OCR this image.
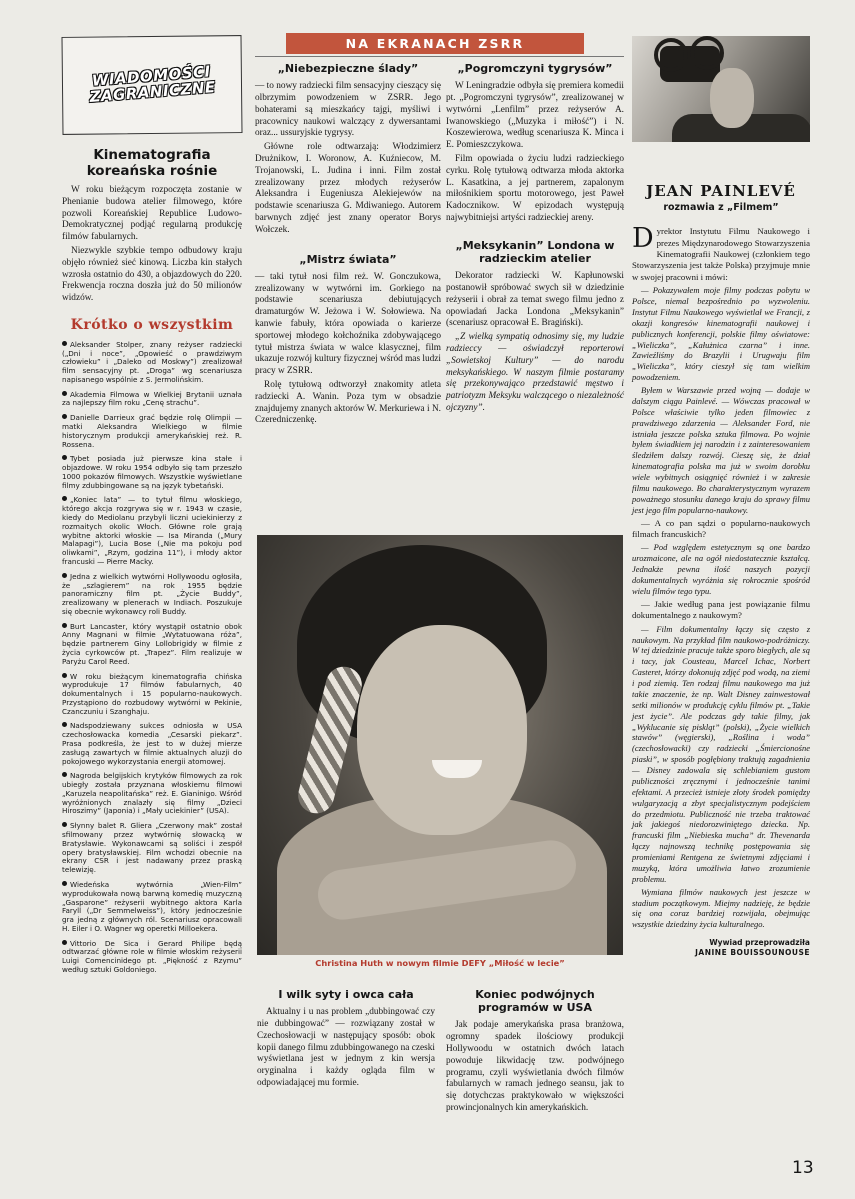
WIADOMOŚCI ZAGRANICZNE
Kinematografia koreańska rośnie

W roku bieżącym rozpoczęta zostanie w Phenianie budowa atelier filmowego, które pozwoli Koreańskiej Republice Ludowo-Demokratycznej podjąć regularną produkcję filmów fabularnych.

Niezwykle szybkie tempo odbudowy kraju objęło również sieć kinową. Liczba kin stałych wzrosła ostatnio do 430, a objazdowych do 220. Frekwencja roczna doszła już do 50 milionów widzów.

Krótko o wszystkim
Aleksander Stolper, znany reżyser radziecki („Dni i noce”, „Opowieść o prawdziwym człowieku” i „Daleko od Moskwy”) zrealizował film sensacyjny pt. „Droga” wg scenariusza napisanego wspólnie z S. Jermolińskim.
Akademia Filmowa w Wielkiej Brytanii uznała za najlepszy film roku „Cenę strachu”.
Danielle Darrieux grać będzie rolę Olimpii — matki Aleksandra Wielkiego w filmie historycznym produkcji amerykańskiej reż. R. Rossena.
Tybet posiada już pierwsze kina stałe i objazdowe. W roku 1954 odbyło się tam przeszło 1000 pokazów filmowych. Wszystkie wyświetlane filmy zdubbingowane są na język tybetański.
„Koniec lata” — to tytuł filmu włoskiego, którego akcja rozgrywa się w r. 1943 w czasie, kiedy do Mediolanu przybyli liczni uciekinierzy z rozmaitych okolic Włoch. Główne role grają wybitne aktorki włoskie — Isa Miranda („Mury Malapagi”), Lucia Bose („Nie ma pokoju pod oliwkami”, „Rzym, godzina 11”), i młody aktor francuski — Pierre Macky.
Jedna z wielkich wytwórni Hollywoodu ogłosiła, że „szlagierem” na rok 1955 będzie panoramiczny film pt. „Życie Buddy”, zrealizowany w plenerach w Indiach. Poszukuje się obecnie wykonawcy roli Buddy.
Burt Lancaster, który wystąpił ostatnio obok Anny Magnani w filmie „Wytatuowana róża”, będzie partnerem Giny Lollobrigidy w filmie z życia cyrkowców pt. „Trapez”. Film realizuje w Paryżu Carol Reed.
W roku bieżącym kinematografia chińska wyprodukuje 17 filmów fabularnych, 40 dokumentalnych i 15 popularno-naukowych. Przystąpiono do rozbudowy wytwórni w Pekinie, Czanczuniu i Szanghaju.
Nadspodziewany sukces odniosła w USA czechosłowacka komedia „Cesarski piekarz”. Prasa podkreśla, że jest to w dużej mierze zasługą zawartych w filmie aktualnych aluzji do pokojowego wykorzystania energii atomowej.
Nagroda belgijskich krytyków filmowych za rok ubiegły została przyznana włoskiemu filmowi „Karuzela neapolitańska” reż. E. Gianinigo. Wśród wyróżnionych znalazły się filmy „Dzieci Hiroszimy” (Japonia) i „Mały uciekinier” (USA).
Słynny balet R. Gliera „Czerwony mak” został sfilmowany przez wytwórnię słowacką w Bratysławie. Wykonawcami są soliści i zespół opery bratysławskiej. Film wchodzi obecnie na ekrany CSR i jest nadawany przez praską telewizję.
Wiedeńska wytwórnia „Wien-Film” wyprodukowała nową barwną komedię muzyczną „Gasparone” reżyserii wybitnego aktora Karla Faryll („Dr Semmelweiss”), który jednocześnie gra jedną z głównych ról. Scenariusz opracowali H. Eiler i O. Wagner wg operetki Milloekera.
Vittorio De Sica i Gerard Philipe będą odtwarzać główne role w filmie włoskim reżyserii Luigi Comencinidego pt. „Piękność z Rzymu” według sztuki Goldoniego.
NA EKRANACH ZSRR
„Niebezpieczne ślady”

— to nowy radziecki film sensacyjny cieszący się olbrzymim powodzeniem w ZSRR. Jego bohaterami są mieszkańcy tajgi, myśliwi i pracownicy naukowi walczący z dywersantami oraz... ussuryjskie tygrysy.

Główne role odtwarzają: Włodzimierz Drużnikow, I. Woronow, A. Kuźniecow, M. Trojanowski, L. Judina i inni. Film został zrealizowany przez młodych reżyserów Aleksandra i Eugeniusza Alekiejewów na podstawie scenariusza G. Mdiwaniego. Autorem barwnych zdjęć jest znany operator Borys Wołczek.

„Mistrz świata”

— taki tytuł nosi film reż. W. Gonczukowa, zrealizowany w wytwórni im. Gorkiego na podstawie scenariusza debiutujących dramaturgów W. Jeżowa i W. Sołowiewa. Na kanwie fabuły, która opowiada o karierze sportowej młodego kołchoźnika zdobywającego tytuł mistrza świata w walce klasycznej, film ukazuje rozwój kultury fizycznej wśród mas ludzi pracy w ZSRR.

Rolę tytułową odtworzył znakomity atleta radziecki A. Wanin. Poza tym w obsadzie znajdujemy znanych aktorów W. Merkuriewa i N. Czeredniczenkę.

„Pogromczyni tygrysów”

W Leningradzie odbyła się premiera komedii pt. „Pogromczyni tygrysów”, zrealizowanej w wytwórni „Lenfilm” przez reżyserów A. Iwanowskiego („Muzyka i miłość”) i N. Koszewierowa, według scenariusza K. Minca i E. Pomieszczykowa.

Film opowiada o życiu ludzi radzieckiego cyrku. Rolę tytułową odtwarza młoda aktorka L. Kasatkina, a jej partnerem, zapalonym miłośnikiem sportu motorowego, jest Paweł Kadocznikow. W epizodach występują najwybitniejsi artyści radzieckiej areny.

„Meksykanin” Londona w radzieckim atelier

Dekorator radziecki W. Kapłunowski postanowił spróbować swych sił w dziedzinie reżyserii i obrał za temat swego filmu jedno z opowiadań Jacka Londona „Meksykanin” (scenariusz opracował E. Bragiński).

„Z wielką sympatią odnosimy się, my ludzie radzieccy — oświadczył reporterowi „Sowietskoj Kultury” — do narodu meksykańskiego. W naszym filmie postaramy się przekonywająco przedstawić męstwo i patriotyzm Meksyku walczącego o niezależność ojczyzny”.

Christina Huth w nowym filmie DEFY „Miłość w lecie”
I wilk syty i owca cała

Aktualny i u nas problem „dubbingować czy nie dubbingować” — rozwiązany został w Czechosłowacji w następujący sposób: obok kopii danego filmu zdubbingowanego na czeski wyświetlana jest w jednym z kin wersja oryginalna i każdy ogląda film w odpowiadającej mu formie.

Koniec podwójnych programów w USA

Jak podaje amerykańska prasa branżowa, ogromny spadek ilościowy produkcji Hollywoodu w ostatnich dwóch latach powoduje likwidację tzw. podwójnego programu, czyli wyświetlania dwóch filmów fabularnych w ramach jednego seansu, jak to się dotychczas praktykowało w większości prowincjonalnych kin amerykańskich.

JEAN PAINLEVÉ
rozmawia z „Filmem”

Dyrektor Instytutu Filmu Naukowego i prezes Międzynarodowego Stowarzyszenia Kinematografii Naukowej (członkiem tego Stowarzyszenia jest także Polska) przyjmuje mnie w swojej pracowni i mówi:

— Pokazywałem moje filmy podczas pobytu w Polsce, niemal bezpośrednio po wyzwoleniu. Instytut Filmu Naukowego wyświetlał we Francji, z okazji kongresów kinematografii naukowej i publicznych konferencji, polskie filmy oświatowe: „Wieliczka”, „Kałużnica czarna” i inne. Zawieźliśmy do Brazylii i Urugwaju film „Wieliczka”, który cieszył się tam wielkim powodzeniem.

Byłem w Warszawie przed wojną — dodaje w dalszym ciągu Painlevé. — Wówczas pracował w Polsce właściwie tylko jeden filmowiec z prawdziwego zdarzenia — Aleksander Ford, nie istniała jeszcze polska sztuka filmowa. Po wojnie byłem świadkiem jej narodzin i z zainteresowaniem śledziłem dalszy rozwój. Cieszę się, że dział kinematografia polska ma już w swoim dorobku wiele wybitnych osiągnięć również i w zakresie filmu naukowego. Bo charakterystycznym wyrazem poważnego stosunku danego kraju do sprawy filmu jest jego film popularno-naukowy.

— A co pan sądzi o popularno-naukowych filmach francuskich?

— Pod względem estetycznym są one bardzo urozmaicone, ale na ogół niedostatecznie kształcą. Jednakże pewna ilość naszych pozycji dokumentalnych wyróżnia się rokrocznie spośród wielu filmów tego typu.

— Jakie według pana jest powiązanie filmu dokumentalnego z naukowym?

— Film dokumentalny łączy się często z naukowym. Na przykład film naukowo-podróżniczy. W tej dziedzinie pracuje także sporo biegłych, ale są i tacy, jak Cousteau, Marcel Ichac, Norbert Casteret, którzy dokonują zdjęć pod wodą, na ziemi i pod ziemią. Ten rodzaj filmu naukowego ma już takie znaczenie, że np. Walt Disney zainwestował setki milionów w produkcję cyklu filmów pt. „Takie jest życie”. Ale podczas gdy takie filmy, jak „Wyklucanie się piskląt” (polski), „Życie wielkich stawów” (węgierski), „Roślina i woda” (czechosłowacki) czy radziecki „Śmiercionośne piaski”, w sposób pogłębiony traktują zagadnienia — Disney zadowala się schlebianiem gustom publiczności zręcznymi i jednocześnie tanimi efektami. A przecież istnieje złoty środek pomiędzy wulgaryzacją a zbyt specjalistycznym podejściem do przedmiotu. Publiczność nie trzeba traktować jak jakiegoś niedorozwiniętego dziecka. Np. francuski film „Niebieska mucha” dr. Thevenarda łączy najnowszą technikę postępowania się promieniami Rentgena ze świetnymi zdjęciami i muzyką, która umożliwia łatwo zrozumienie problemu.

Wymiana filmów naukowych jest jeszcze w stadium początkowym. Miejmy nadzieję, że będzie się ona coraz bardziej rozwijała, obejmując wszystkie dziedziny życia kulturalnego.

Wywiad przeprowadziła
JANINE BOUISSOUNOUSE
13
